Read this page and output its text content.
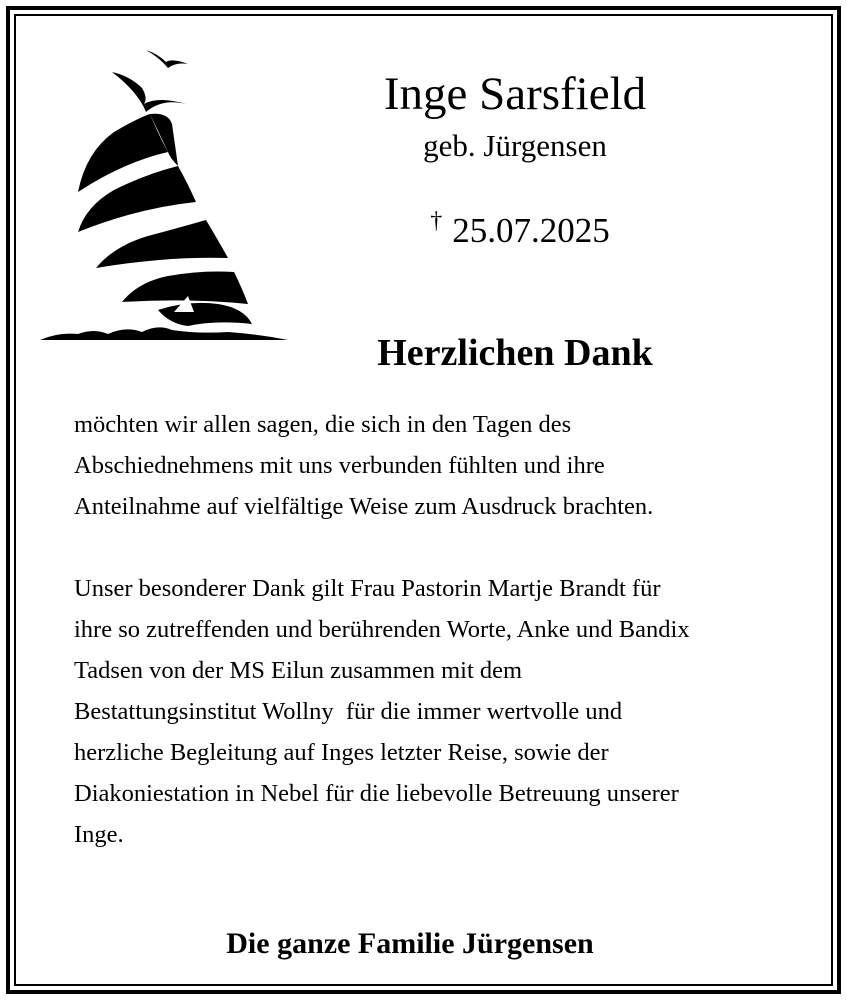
Inge Sarsfield
geb. Jürgensen
† 25.07.2025
Herzlichen Dank

möchten wir allen sagen, die sich in den Tagen des
Abschiednehmens mit uns verbunden fühlten und ihre
Anteilnahme auf vielfältige Weise zum Ausdruck brachten.

Unser besonderer Dank gilt Frau Pastorin Martje Brandt für
ihre so zutreffenden und berührenden Worte, Anke und Bandix
Tadsen von der MS Eilun zusammen mit dem
Bestattungsinstitut Wollny  für die immer wertvolle und
herzliche Begleitung auf Inges letzter Reise, sowie der
Diakoniestation in Nebel für die liebevolle Betreuung unserer
Inge.

Die ganze Familie Jürgensen
